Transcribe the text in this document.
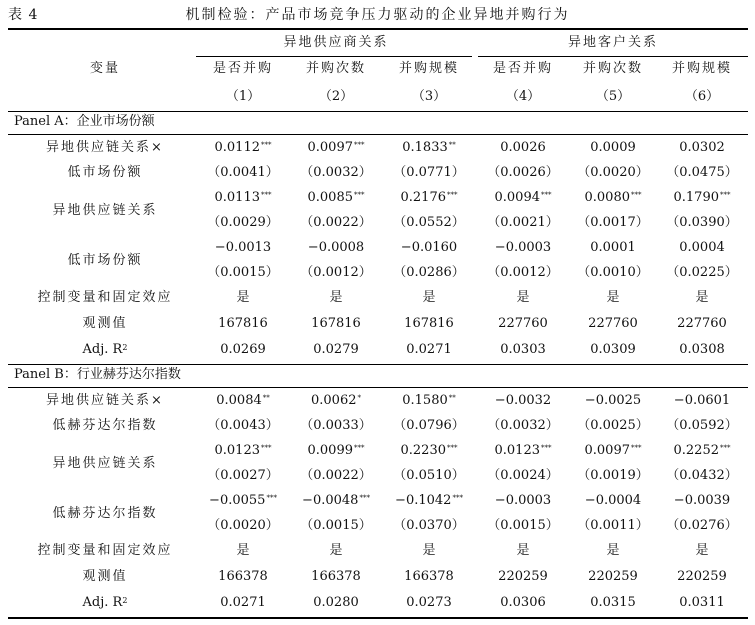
表 4	机制检验：产品市场竞争压力驱动的企业异地并购行为
异地供应商关系	异地客户关系
变量	是否并购	并购次数	并购规模	是否并购	并购次数	并购规模
（1）	（2）	（3）	（4）	（5）	（6）
Panel A：企业市场份额
异地供应链关系×
低市场份额
0.0112***	0.0097***	0.1833**	0.0026	0.0009	0.0302
（0.0041）	（0.0032）	（0.0771）	（0.0026）	（0.0020）	（0.0475）
异地供应链关系
0.0113***	0.0085***	0.2176***	0.0094***	0.0080***	0.1790***
（0.0029）	（0.0022）	（0.0552）	（0.0021）	（0.0017）	（0.0390）
低市场份额
−0.0013	−0.0008	−0.0160	−0.0003	0.0001	0.0004
（0.0015）	（0.0012）	（0.0286）	（0.0012）	（0.0010）	（0.0225）
控制变量和固定效应	是	是	是	是	是	是
观测值	167816	167816	167816	227760	227760	227760
Adj. $R^2$	0.0269	0.0279	0.0271	0.0303	0.0309	0.0308
Panel B：行业赫芬达尔指数
异地供应链关系×
低赫芬达尔指数
0.0084**	0.0062*	0.1580**	−0.0032	−0.0025	−0.0601
（0.0043）	（0.0033）	（0.0796）	（0.0032）	（0.0025）	（0.0592）
异地供应链关系
0.0123***	0.0099***	0.2230***	0.0123***	0.0097***	0.2252***
（0.0027）	（0.0022）	（0.0510）	（0.0024）	（0.0019）	（0.0432）
低赫芬达尔指数
−0.0055***	−0.0048***	−0.1042***	−0.0003	−0.0004	−0.0039
（0.0020）	（0.0015）	（0.0370）	（0.0015）	（0.0011）	（0.0276）
控制变量和固定效应	是	是	是	是	是	是
观测值	166378	166378	166378	220259	220259	220259
Adj. $R^2$	0.0271	0.0280	0.0273	0.0306	0.0315	0.0311
